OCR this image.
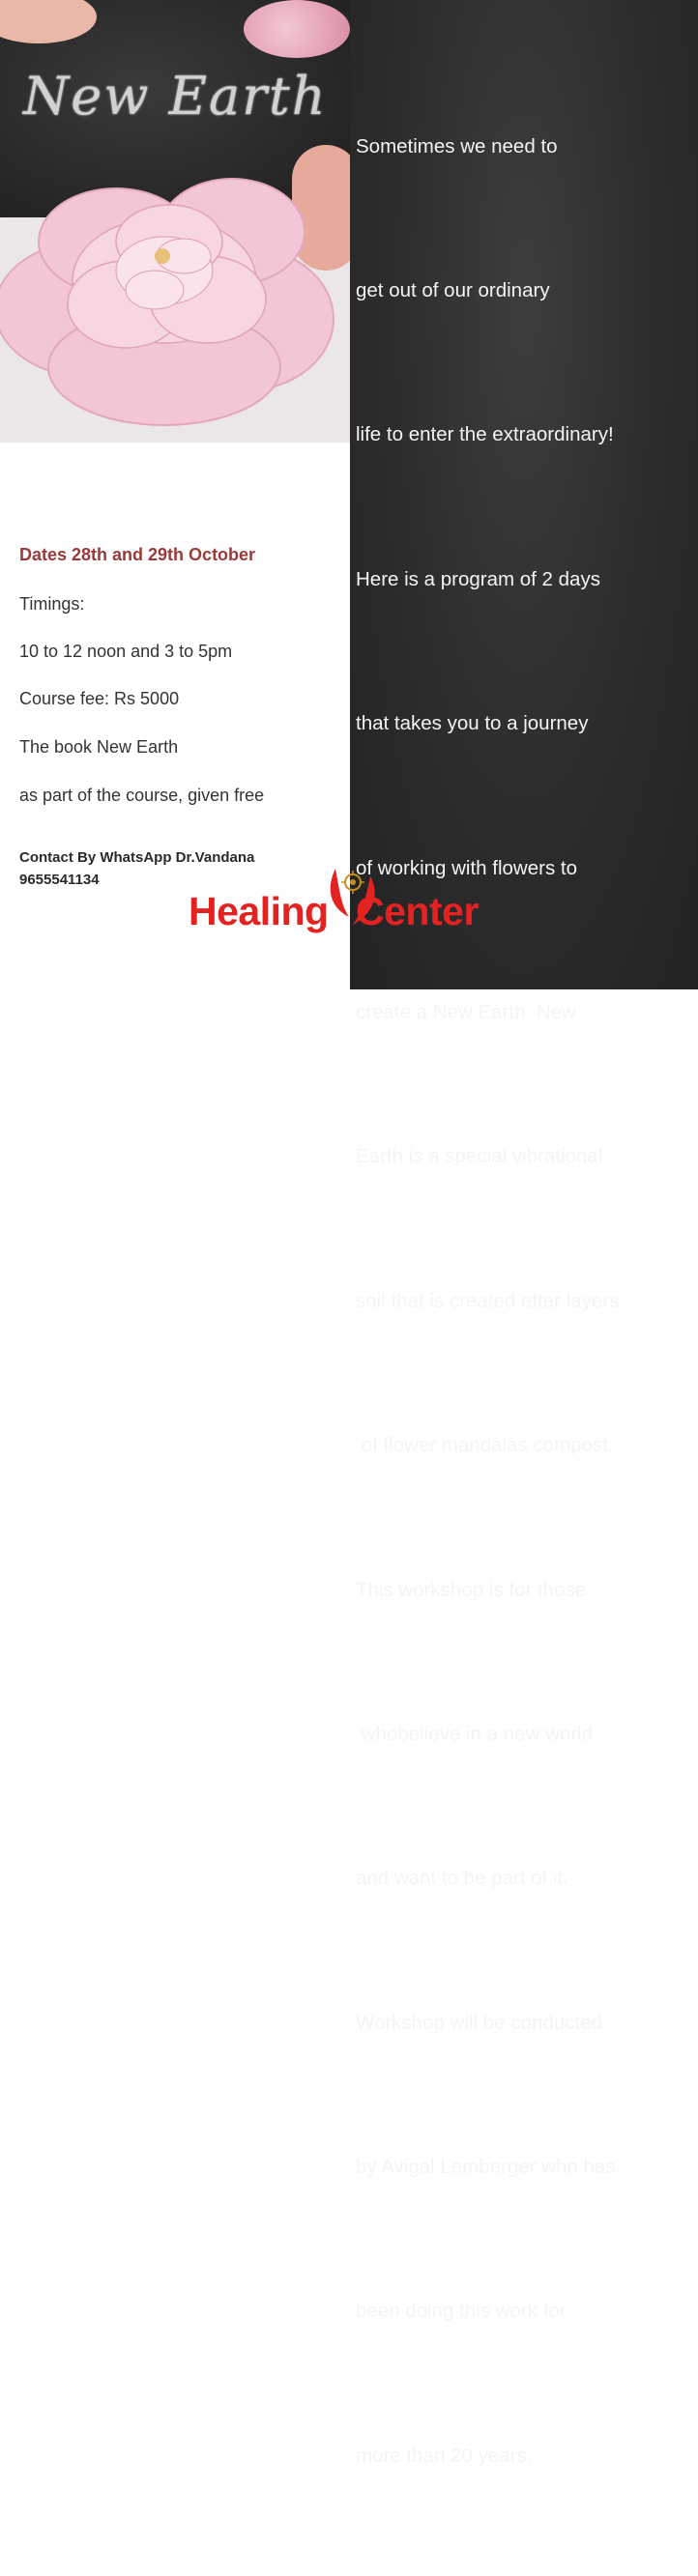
New Earth

Sometimes we need to

get out of our ordinary

life to enter the extraordinary!

Here is a program of 2 days

that takes you to a journey

of working with flowers to

create a New Earth. New

Earth is a special vibrational

soil that is created after layers

of flower mandalas compost.

This workshop is for those

whobelieve in a new world

and want to be part of it.

Workshop will be conducted

by Avigal Lemberger who has

been doing this work for

more than 20 years.

Dates 28th and 29th October

Timings:
10 to 12 noon and 3 to 5pm
Course fee: Rs 5000
The book New Earth
as part of the course, given free
Contact By WhatsApp Dr.Vandana
9655541134
Healing Center
